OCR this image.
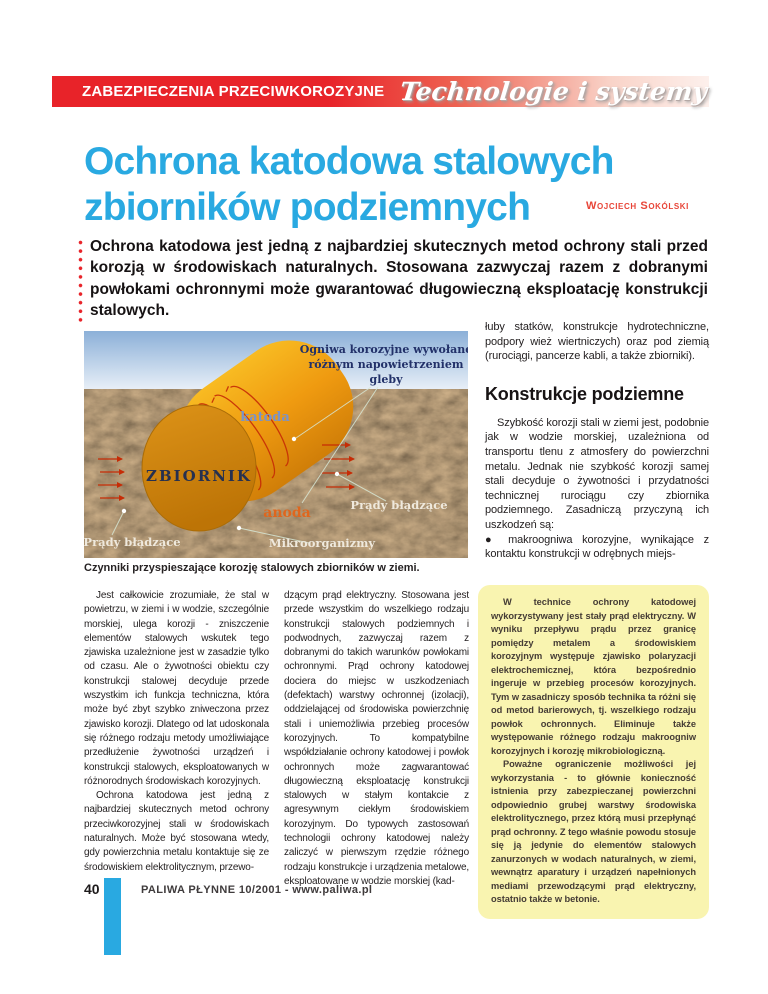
ZABEZPIECZENIA PRZECIWKOROZYJNE Technologie i systemy
Ochrona katodowa stalowych
zbiorników podziemnych	Wojciech Sokólski
Ochrona katodowa jest jedną z najbardziej skutecznych metod ochrony stali przed korozją w środowiskach naturalnych. Stosowana zazwyczaj razem z dobranymi powłokami ochronnymi może gwarantować długowieczną eksploatację konstrukcji stalowych.
Ogniwa korozyjne wywołane
różnym napowietrzeniem
gleby
katoda
anoda
ZBIORNIK
Prądy błądzące
Prądy błądzące
Mikroorganizmy
Czynniki przyspieszające korozję stalowych zbiorników w ziemi.

łuby statków, konstrukcje hydrotechniczne, podpory wież wiertniczych) oraz pod ziemią (rurociągi, pancerze kabli, a także zbiorniki).

Konstrukcje podziemne

Szybkość korozji stali w ziemi jest, podobnie jak w wodzie morskiej, uzależniona od transportu tlenu z atmosfery do powierzchni metalu. Jednak nie szybkość korozji samej stali decyduje o żywotności i przydatności technicznej rurociągu czy zbiornika podziemnego. Zasadniczą przyczyną ich uszkodzeń są:

● makroogniwa korozyjne, wynikające z kontaktu konstrukcji w odrębnych miejs-

Jest całkowicie zrozumiałe, że stal w powietrzu, w ziemi i w wodzie, szczególnie morskiej, ulega korozji - zniszczenie elementów stalowych wskutek tego zjawiska uzależnione jest w zasadzie tylko od czasu. Ale o żywotności obiektu czy konstrukcji stalowej decyduje przede wszystkim ich funkcja techniczna, która może być zbyt szybko zniweczona przez zjawisko korozji. Dlatego od lat udoskonala się różnego rodzaju metody umożliwiające przedłużenie żywotności urządzeń i konstrukcji stalowych, eksploatowanych w różnorodnych środowiskach korozyjnych.

Ochrona katodowa jest jedną z najbardziej skutecznych metod ochrony przeciwkorozyjnej stali w środowiskach naturalnych. Może być stosowana wtedy, gdy powierzchnia metalu kontaktuje się ze środowiskiem elektrolitycznym, przewo-

dzącym prąd elektryczny. Stosowana jest przede wszystkim do wszelkiego rodzaju konstrukcji stalowych podziemnych i podwodnych, zazwyczaj razem z dobranymi do takich warunków powłokami ochronnymi. Prąd ochrony katodowej dociera do miejsc w uszkodzeniach (defektach) warstwy ochronnej (izolacji), oddzielającej od środowiska powierzchnię stali i uniemożliwia przebieg procesów korozyjnych. To kompatybilne współdziałanie ochrony katodowej i powłok ochronnych może zagwarantować długowieczną eksploatację konstrukcji stalowych w stałym kontakcie z agresywnym ciekłym środowiskiem korozyjnym. Do typowych zastosowań technologii ochrony katodowej należy zaliczyć w pierwszym rzędzie różnego rodzaju konstrukcje i urządzenia metalowe, eksploatowane w wodzie morskiej (kad-

W technice ochrony katodowej wykorzystywany jest stały prąd elektryczny. W wyniku przepływu prądu przez granicę pomiędzy metalem a środowiskiem korozyjnym występuje zjawisko polaryzacji elektrochemicznej, która bezpośrednio ingeruje w przebieg procesów korozyjnych. Tym w zasadniczy sposób technika ta różni się od metod barierowych, tj. wszelkiego rodzaju powłok ochronnych. Eliminuje także występowanie różnego rodzaju makroogniw korozyjnych i korozję mikrobiologiczną.

Poważne ograniczenie możliwości jej wykorzystania - to głównie konieczność istnienia przy zabezpieczanej powierzchni odpowiednio grubej warstwy środowiska elektrolitycznego, przez którą musi przepłynąć prąd ochronny. Z tego właśnie powodu stosuje się ją jedynie do elementów stalowych zanurzonych w wodach naturalnych, w ziemi, wewnątrz aparatury i urządzeń napełnionych mediami przewodzącymi prąd elektryczny, ostatnio także w betonie.

40	PALIWA PŁYNNE 10/2001 - www.paliwa.pl
